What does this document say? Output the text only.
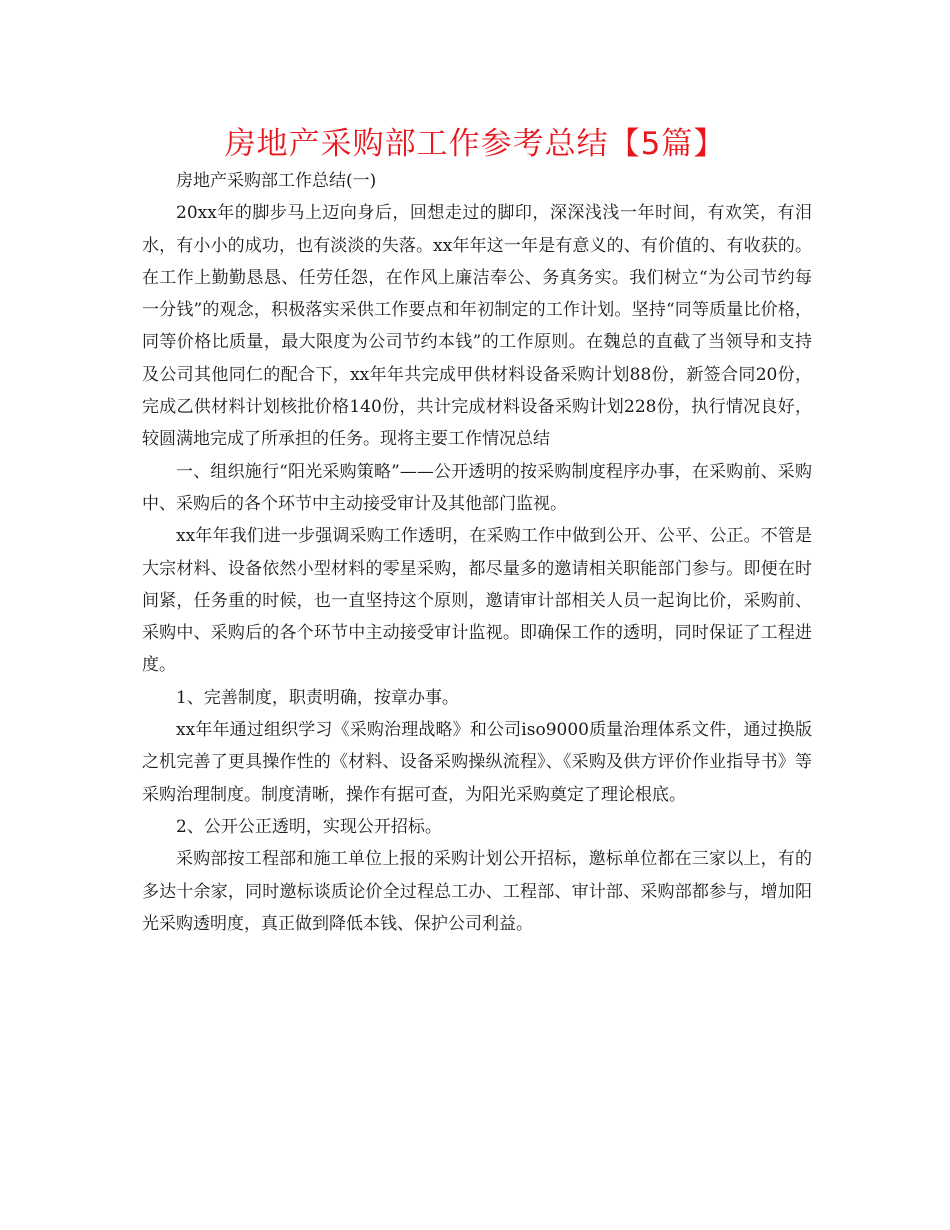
房地产采购部工作参考总结【5篇】

房地产采购部工作总结(一)

20xx年的脚步马上迈向身后，回想走过的脚印，深深浅浅一年时间，有欢笑，有泪水，有小小的成功，也有淡淡的失落。xx年年这一年是有意义的、有价值的、有收获的。在工作上勤勤恳恳、任劳任怨，在作风上廉洁奉公、务真务实。我们树立“为公司节约每一分钱”的观念，积极落实采供工作要点和年初制定的工作计划。坚持“同等质量比价格，同等价格比质量，最大限度为公司节约本钱”的工作原则。在魏总的直截了当领导和支持及公司其他同仁的配合下，xx年年共完成甲供材料设备采购计划88份，新签合同20份，完成乙供材料计划核批价格140份，共计完成材料设备采购计划228份，执行情况良好，较圆满地完成了所承担的任务。现将主要工作情况总结

一、组织施行“阳光采购策略”——公开透明的按采购制度程序办事，在采购前、采购中、采购后的各个环节中主动接受审计及其他部门监视。

xx年年我们进一步强调采购工作透明，在采购工作中做到公开、公平、公正。不管是大宗材料、设备依然小型材料的零星采购，都尽量多的邀请相关职能部门参与。即便在时间紧，任务重的时候，也一直坚持这个原则，邀请审计部相关人员一起询比价，采购前、采购中、采购后的各个环节中主动接受审计监视。即确保工作的透明，同时保证了工程进度。

1、完善制度，职责明确，按章办事。

xx年年通过组织学习《采购治理战略》和公司iso9000质量治理体系文件，通过换版之机完善了更具操作性的《材料、设备采购操纵流程》、《采购及供方评价作业指导书》等采购治理制度。制度清晰，操作有据可查，为阳光采购奠定了理论根底。

2、公开公正透明，实现公开招标。

采购部按工程部和施工单位上报的采购计划公开招标，邀标单位都在三家以上，有的多达十余家，同时邀标谈质论价全过程总工办、工程部、审计部、采购部都参与，增加阳光采购透明度，真正做到降低本钱、保护公司利益。
